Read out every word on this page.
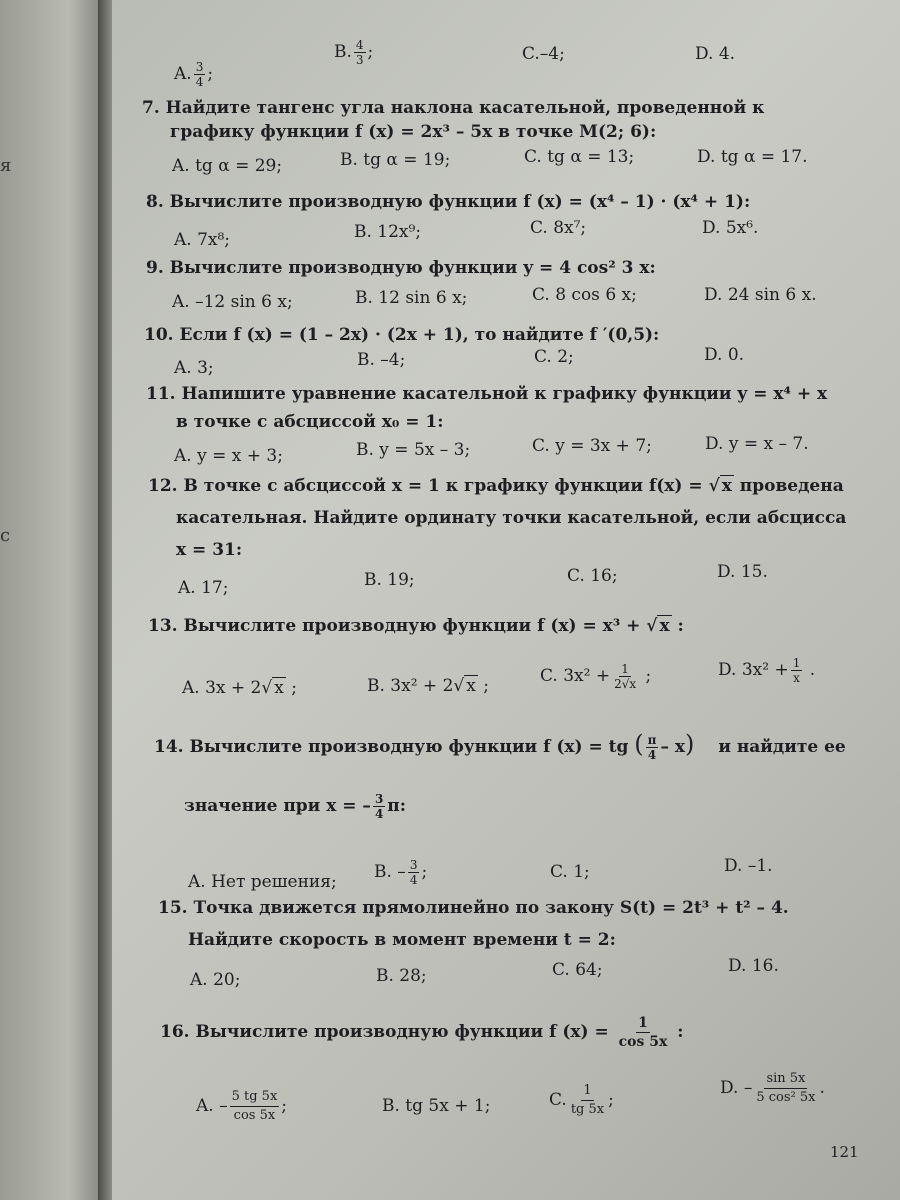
я
с
A. $\frac{3}{4}$ ;
B. $\frac{4}{3}$ ;	C.–4;	D. 4.
7. Найдите тангенс угла наклона касательной, проведенной к
графику функции f (x) = 2x³ – 5x в точке M(2; 6):
A. tg α = 29;	B. tg α = 19;	C. tg α = 13;	D. tg α = 17.
8. Вычислите производную функции f (x) = (x⁴ – 1) · (x⁴ + 1):
A. 7x⁸;	B. 12x⁹;	C. 8x⁷;	D. 5x⁶.
9. Вычислите производную функции y = 4 cos² 3 x:
A. –12 sin 6 x;	B. 12 sin 6 x;	C. 8 cos 6 x;	D. 24 sin 6 x.
10. Если f (x) = (1 – 2x) · (2x + 1), то найдите f ′(0,5):
A. 3;	B. –4;	C. 2;	D. 0.
11. Напишите уравнение касательной к графику функции y = x⁴ + x
в точке с абсциссой x₀ = 1:
A. y = x + 3;	B. y = 5x – 3;	C. y = 3x + 7;	D. y = x – 7.
12. В точке с абсциссой x = 1 к графику функции f(x) = √ x проведена
касательная. Найдите ординату точки касательной, если абсцисса
x = 31:
A. 17;	B. 19;	C. 16;	D. 15.
13. Вычислите производную функции f (x) = x³ + √ x :
A. 3x + 2√ x ;	B. 3x² + 2√ x ;	C. $3x^2 + \frac{1}{2√x}$ ;	D. $3x^2 + \frac{1}{x}$ .
14. Вычислите производную функции f (x) = tg ( $\frac{\pi}{4} - x$) и найдите ее
значение при x = – $\frac{3}{4} \pi$:
A. Нет решения; B. – $\frac{3}{4}$ ;	C. 1;	D. –1.
15. Точка движется прямолинейно по закону S(t) = 2t³ + t² – 4.
Найдите скорость в момент времени t = 2:
A. 20;	B. 28;	C. 64;	D. 16.
16. Вычислите производную функции f $(x) = \frac{1}{\cos 5x}$ :
A. – $\frac{5 tg 5x}{\cos 5x}$ ;	B. tg 5x + 1;	C. $\frac{1}{tg 5x}$ ;
D. – $\frac{\sin 5x}{\text{5 cos² 5x}}$ .
121
